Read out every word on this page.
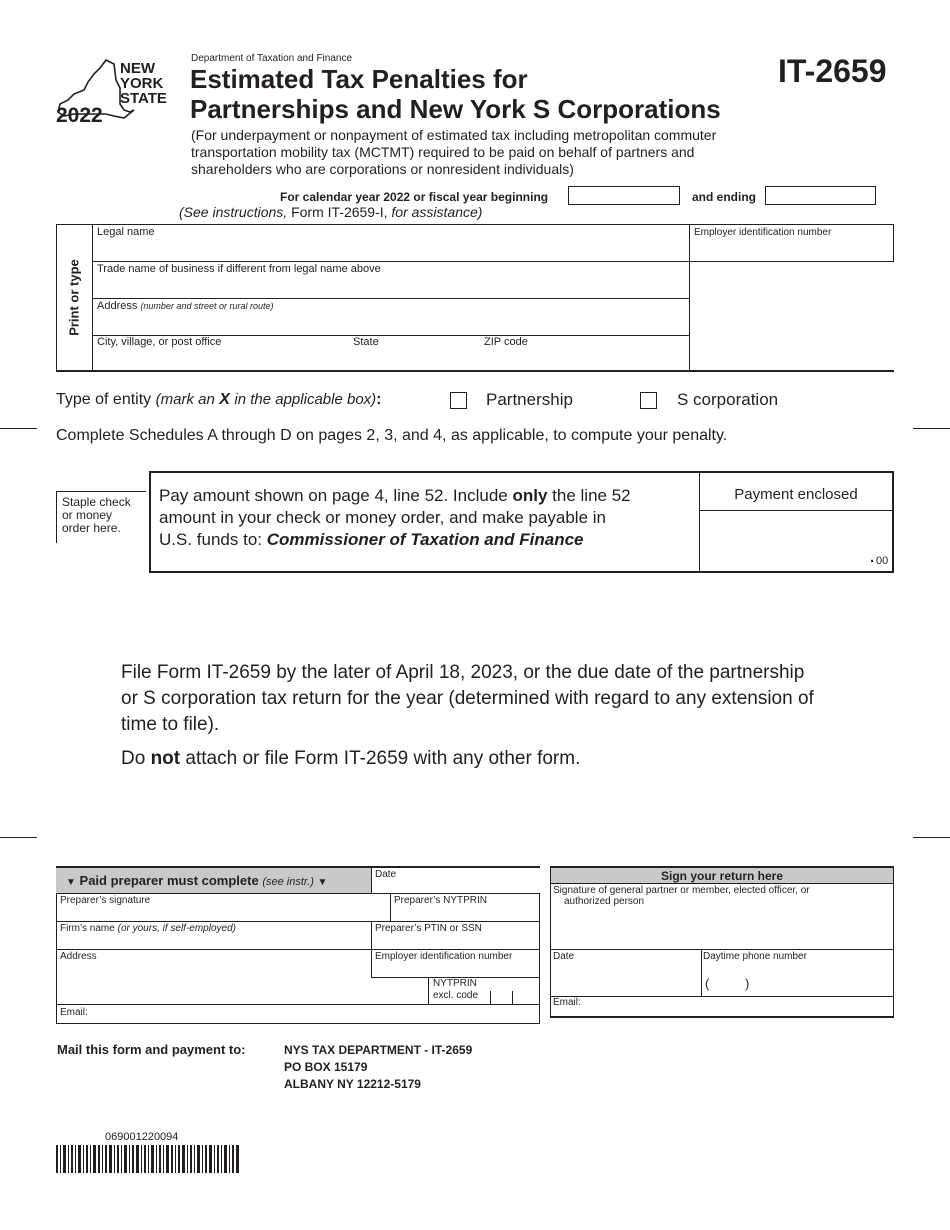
NEW
YORK
STATE
2022
Department of Taxation and Finance
Estimated Tax Penalties for
Partnerships and New York S Corporations
(For underpayment or nonpayment of estimated tax including metropolitan commuter
transportation mobility tax (MCTMT) required to be paid on behalf of partners and
shareholders who are corporations or nonresident individuals)
IT-2659
For calendar year 2022 or fiscal year beginning	and ending
(See instructions, Form IT-2659-I, for assistance)
Print or type
Legal name	Employer identification number
Trade name of business if different from legal name above
Address (number and street or rural route)
City, village, or post office	State	ZIP code
Type of entity (mark an X in the applicable box):	Partnership	S corporation
Complete Schedules A through D on pages 2, 3, and 4, as applicable, to compute your penalty.
Staple check
or money
order here.
Pay amount shown on page 4, line 52. Include only the line 52
amount in your check or money order, and make payable in
U.S. funds to: Commissioner of Taxation and Finance
Payment enclosed
. 00
File Form IT-2659 by the later of April 18, 2023, or the due date of the partnership
or S corporation tax return for the year (determined with regard to any extension of
time to file).
Do not attach or file Form IT-2659 with any other form.
▼ Paid preparer must complete (see instr.) ▼
Date
Preparer’s signature	Preparer’s NYTPRIN
Firm’s name (or yours, if self-employed)	Preparer’s PTIN or SSN
Address	Employer identification number
NYTPRIN
excl. code
Email:
Sign your return here
Signature of general partner or member, elected officer, or
authorized person
Date	Daytime phone number
(	)
Email:
Mail this form and payment to:	NYS TAX DEPARTMENT - IT-2659
PO BOX 15179
ALBANY NY 12212-5179
069001220094
